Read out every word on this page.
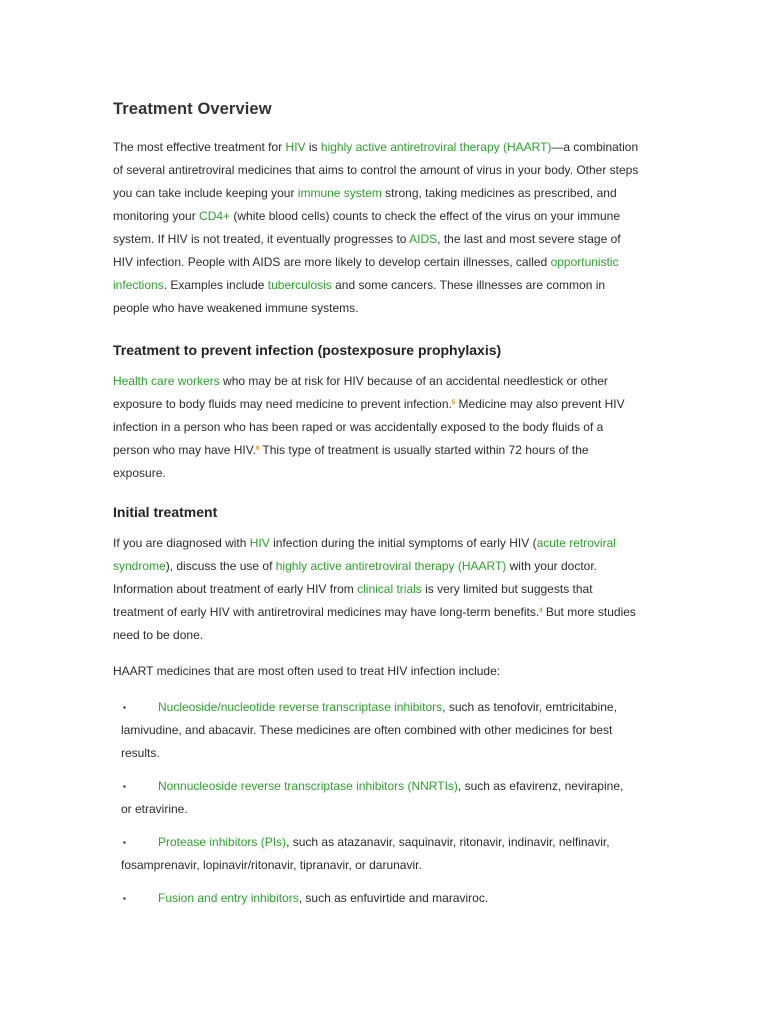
Treatment Overview

The most effective treatment for HIV is highly active antiretroviral therapy (HAART)—a combination of several antiretroviral medicines that aims to control the amount of virus in your body. Other steps you can take include keeping your immune system strong, taking medicines as prescribed, and monitoring your CD4+ (white blood cells) counts to check the effect of the virus on your immune system. If HIV is not treated, it eventually progresses to AIDS, the last and most severe stage of HIV infection. People with AIDS are more likely to develop certain illnesses, called opportunistic infections. Examples include tuberculosis and some cancers. These illnesses are common in people who have weakened immune systems.

Treatment to prevent infection (postexposure prophylaxis)

Health care workers who may be at risk for HIV because of an accidental needlestick or other exposure to body fluids may need medicine to prevent infection.$^5$ Medicine may also prevent HIV infection in a person who has been raped or was accidentally exposed to the body fluids of a person who may have HIV.$^6$ This type of treatment is usually started within 72 hours of the exposure.

Initial treatment

If you are diagnosed with HIV infection during the initial symptoms of early HIV (acute retroviral syndrome), discuss the use of highly active antiretroviral therapy (HAART) with your doctor. Information about treatment of early HIV from clinical trials is very limited but suggests that treatment of early HIV with antiretroviral medicines may have long-term benefits.$^4$ But more studies need to be done.

HAART medicines that are most often used to treat HIV infection include:

▪	Nucleoside/nucleotide reverse transcriptase inhibitors, such as tenofovir, emtricitabine,
lamivudine, and abacavir. These medicines are often combined with other medicines for best results.
▪	Nonnucleoside reverse transcriptase inhibitors (NNRTIs), such as efavirenz, nevirapine,
or etravirine.
▪	Protease inhibitors (PIs), such as atazanavir, saquinavir, ritonavir, indinavir, nelfinavir,
fosamprenavir, lopinavir/ritonavir, tipranavir, or darunavir.
▪	Fusion and entry inhibitors, such as enfuvirtide and maraviroc.
